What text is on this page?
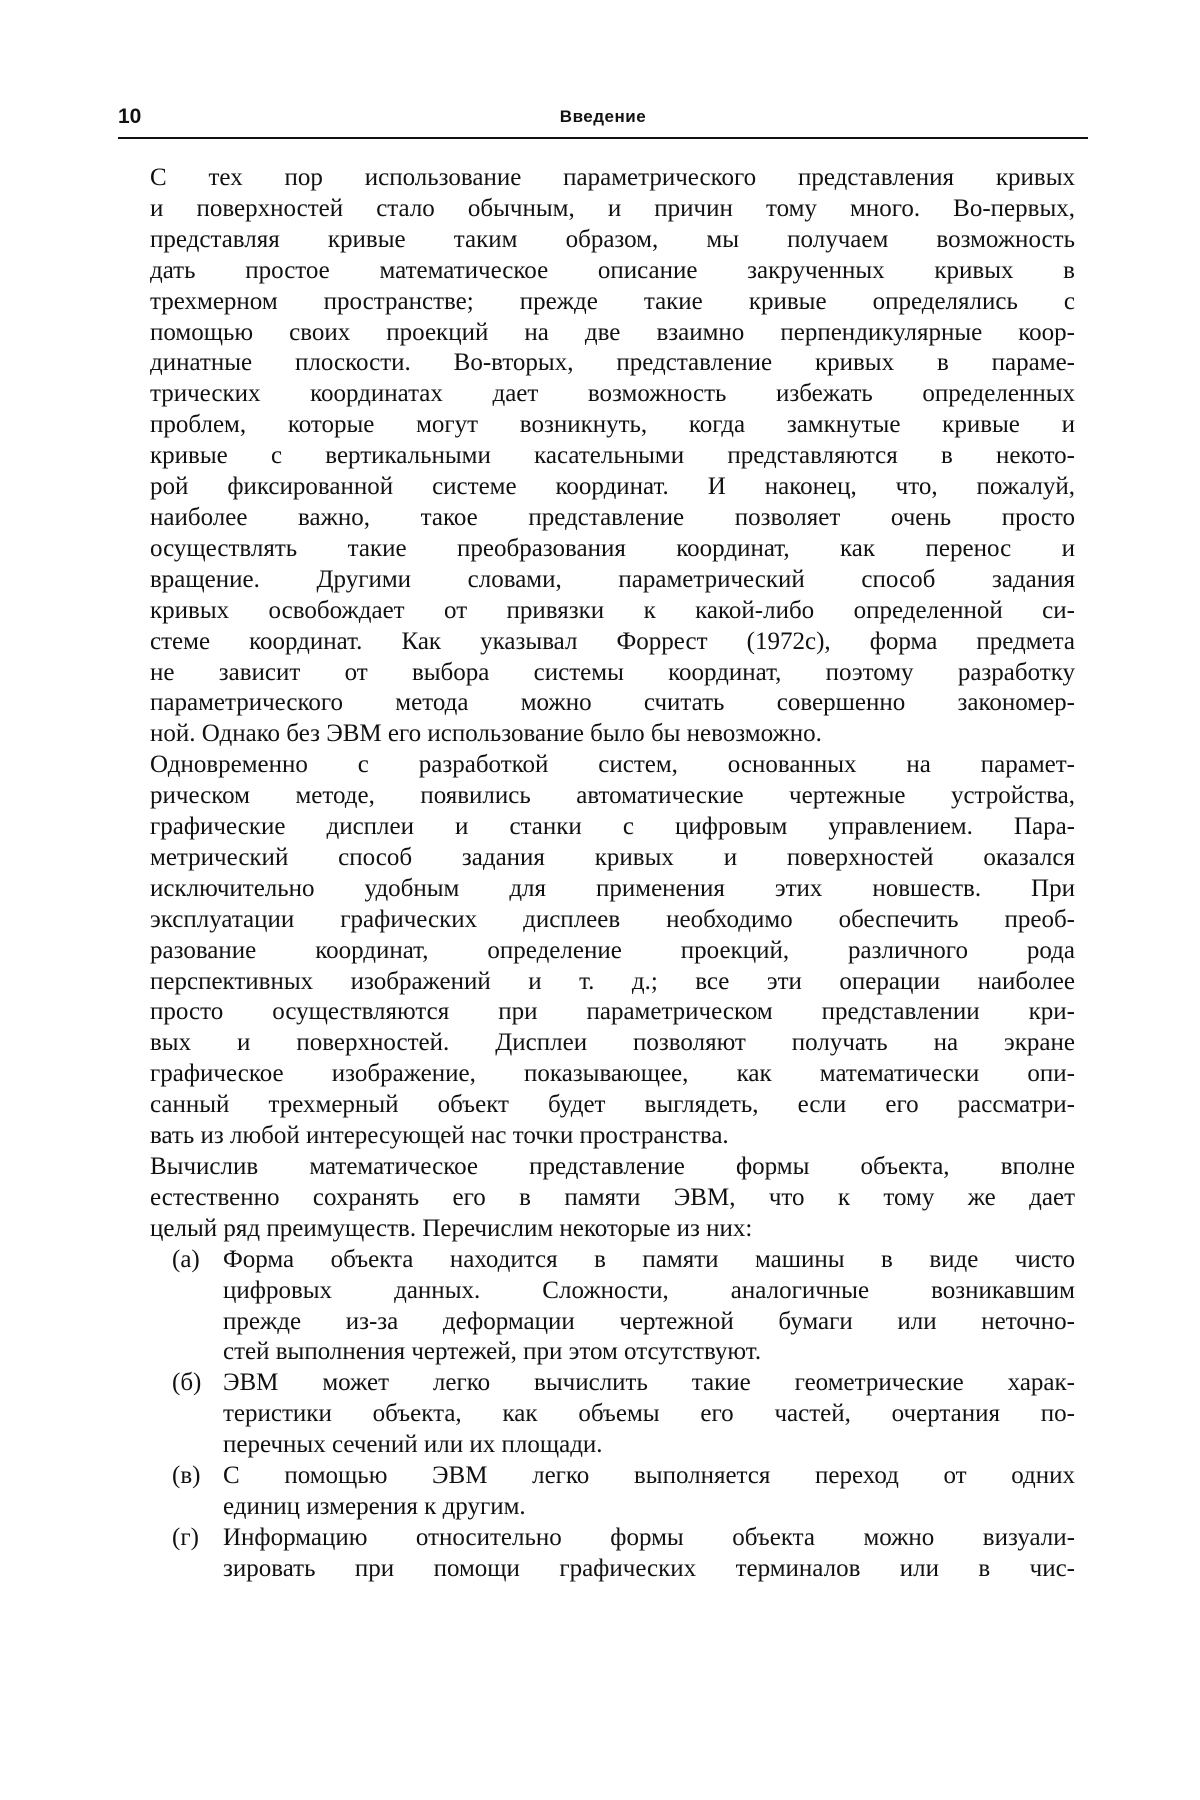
10	Введение
С тех пор использование параметрического представления кривых
и поверхностей стало обычным, и причин тому много. Во-первых,
представляя кривые таким образом, мы получаем возможность
дать простое математическое описание закрученных кривых в
трехмерном пространстве; прежде такие кривые определялись с
помощью своих проекций на две взаимно перпендикулярные коор-
динатные плоскости. Во-вторых, представление кривых в параме-
трических координатах дает возможность избежать определенных
проблем, которые могут возникнуть, когда замкнутые кривые и
кривые с вертикальными касательными представляются в некото-
рой фиксированной системе координат. И наконец, что, пожалуй,
наиболее важно, такое представление позволяет очень просто
осуществлять такие преобразования координат, как перенос и
вращение. Другими словами, параметрический способ задания
кривых освобождает от привязки к какой-либо определенной си-
стеме координат. Как указывал Форрест (1972с), форма предмета
не зависит от выбора системы координат, поэтому разработку
параметрического метода можно считать совершенно закономер-
ной. Однако без ЭВМ его использование было бы невозможно.
Одновременно с разработкой систем, основанных на парамет-
рическом методе, появились автоматические чертежные устройства,
графические дисплеи и станки с цифровым управлением. Пара-
метрический способ задания кривых и поверхностей оказался
исключительно удобным для применения этих новшеств. При
эксплуатации графических дисплеев необходимо обеспечить преоб-
разование координат, определение проекций, различного рода
перспективных изображений и т. д.; все эти операции наиболее
просто осуществляются при параметрическом представлении кри-
вых и поверхностей. Дисплеи позволяют получать на экране
графическое изображение, показывающее, как математически опи-
санный трехмерный объект будет выглядеть, если его рассматри-
вать из любой интересующей нас точки пространства.
Вычислив математическое представление формы объекта, вполне
естественно сохранять его в памяти ЭВМ, что к тому же дает
целый ряд преимуществ. Перечислим некоторые из них:
(а) Форма объекта находится в памяти машины в виде чисто
цифровых данных. Сложности, аналогичные возникавшим
прежде из-за деформации чертежной бумаги или неточно-
стей выполнения чертежей, при этом отсутствуют.
(б) ЭВМ может легко вычислить такие геометрические харак-
теристики объекта, как объемы его частей, очертания по-
перечных сечений или их площади.
(в) С помощью ЭВМ легко выполняется переход от одних
единиц измерения к другим.
(г) Информацию относительно формы объекта можно визуали-
зировать при помощи графических терминалов или в чис-
